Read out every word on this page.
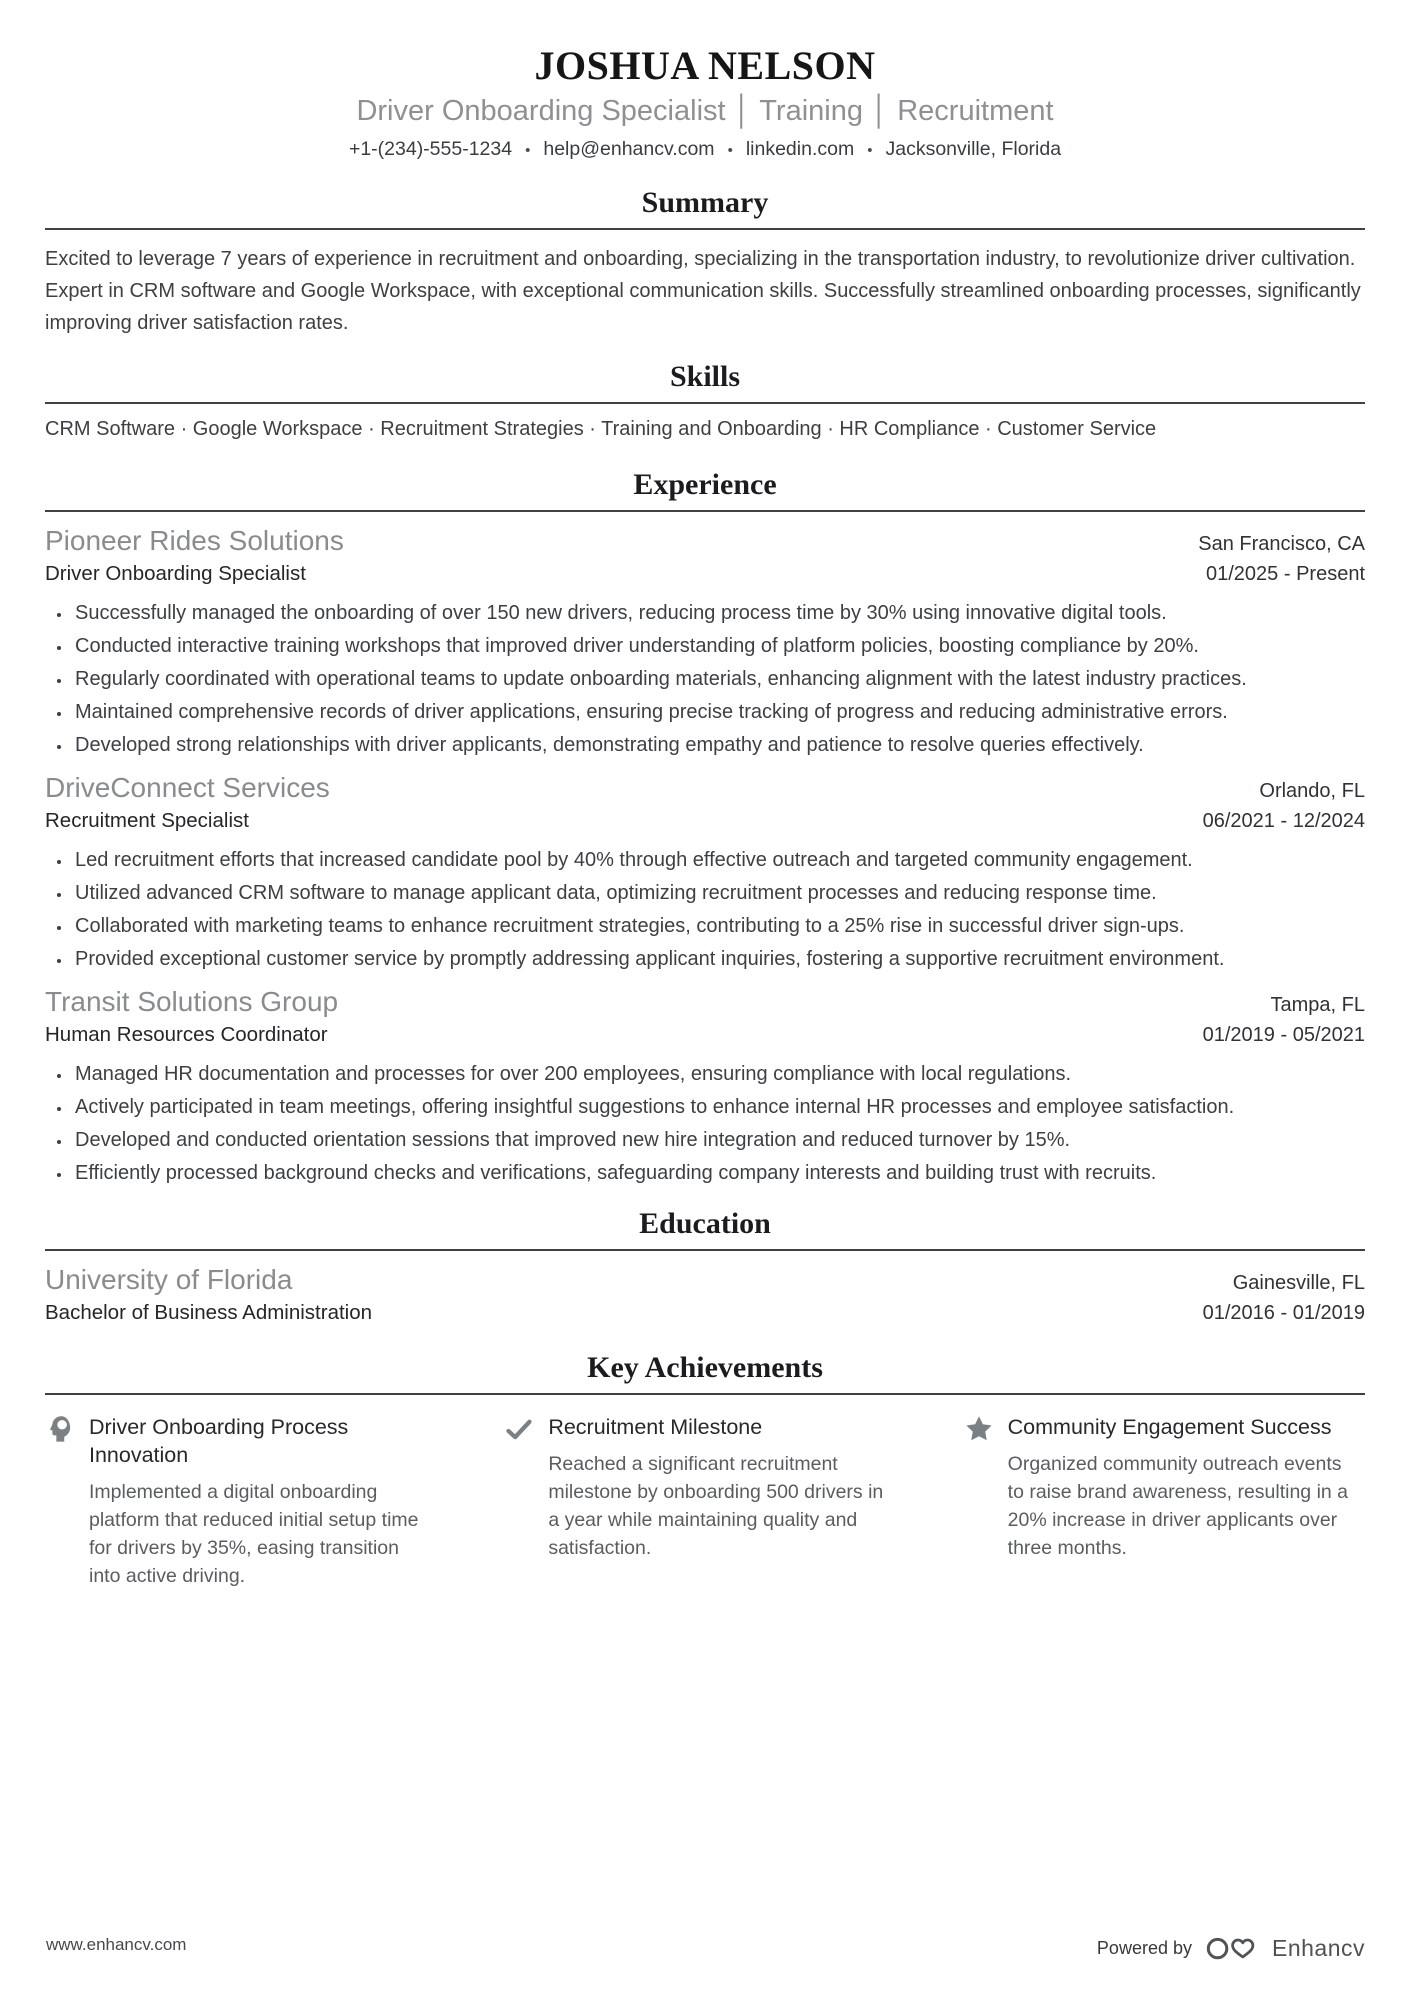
JOSHUA NELSON
Driver Onboarding Specialist │ Training │ Recruitment
+1-(234)-555-1234 • help@enhancv.com • linkedin.com • Jacksonville, Florida
Summary
Excited to leverage 7 years of experience in recruitment and onboarding, specializing in the transportation industry, to revolutionize driver cultivation. Expert in CRM software and Google Workspace, with exceptional communication skills. Successfully streamlined onboarding processes, significantly improving driver satisfaction rates.
Skills
CRM Software · Google Workspace · Recruitment Strategies · Training and Onboarding · HR Compliance · Customer Service
Experience
Pioneer Rides Solutions	San Francisco, CA
Driver Onboarding Specialist	01/2025 - Present
• Successfully managed the onboarding of over 150 new drivers, reducing process time by 30% using innovative digital tools.
• Conducted interactive training workshops that improved driver understanding of platform policies, boosting compliance by 20%.
• Regularly coordinated with operational teams to update onboarding materials, enhancing alignment with the latest industry practices.
• Maintained comprehensive records of driver applications, ensuring precise tracking of progress and reducing administrative errors.
• Developed strong relationships with driver applicants, demonstrating empathy and patience to resolve queries effectively.
DriveConnect Services	Orlando, FL
Recruitment Specialist	06/2021 - 12/2024
• Led recruitment efforts that increased candidate pool by 40% through effective outreach and targeted community engagement.
• Utilized advanced CRM software to manage applicant data, optimizing recruitment processes and reducing response time.
• Collaborated with marketing teams to enhance recruitment strategies, contributing to a 25% rise in successful driver sign-ups.
• Provided exceptional customer service by promptly addressing applicant inquiries, fostering a supportive recruitment environment.
Transit Solutions Group	Tampa, FL
Human Resources Coordinator	01/2019 - 05/2021
• Managed HR documentation and processes for over 200 employees, ensuring compliance with local regulations.
• Actively participated in team meetings, offering insightful suggestions to enhance internal HR processes and employee satisfaction.
• Developed and conducted orientation sessions that improved new hire integration and reduced turnover by 15%.
• Efficiently processed background checks and verifications, safeguarding company interests and building trust with recruits.
Education
University of Florida	Gainesville, FL
Bachelor of Business Administration	01/2016 - 01/2019
Key Achievements
Driver Onboarding Process Innovation
Implemented a digital onboarding platform that reduced initial setup time for drivers by 35%, easing transition into active driving.
Recruitment Milestone
Reached a significant recruitment milestone by onboarding 500 drivers in a year while maintaining quality and satisfaction.
Community Engagement Success
Organized community outreach events to raise brand awareness, resulting in a 20% increase in driver applicants over three months.
www.enhancv.com	Powered by	Enhancv
